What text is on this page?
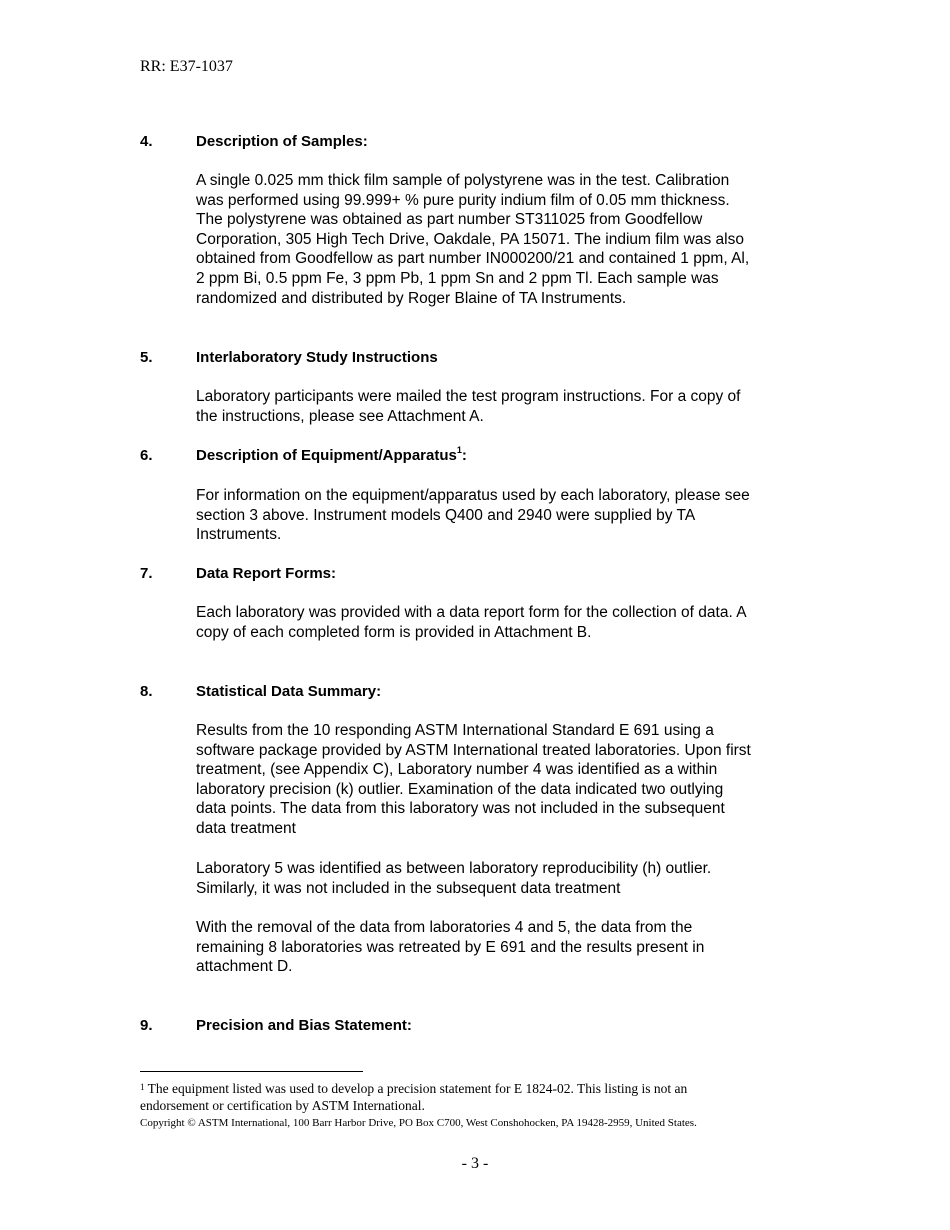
RR: E37-1037
4.	Description of Samples:
A single 0.025 mm thick film sample of polystyrene was in the test. Calibration
was performed using 99.999+ % pure purity indium film of 0.05 mm thickness.
The polystyrene was obtained as part number ST311025 from Goodfellow
Corporation, 305 High Tech Drive, Oakdale, PA 15071. The indium film was also
obtained from Goodfellow as part number IN000200/21 and contained 1 ppm, Al,
2 ppm Bi, 0.5 ppm Fe, 3 ppm Pb, 1 ppm Sn and 2 ppm Tl. Each sample was
randomized and distributed by Roger Blaine of TA Instruments.
5.	Interlaboratory Study Instructions
Laboratory participants were mailed the test program instructions. For a copy of
the instructions, please see Attachment A.
6.	Description of Equipment/Apparatus$^1$:
For information on the equipment/apparatus used by each laboratory, please see
section 3 above. Instrument models Q400 and 2940 were supplied by TA
Instruments.
7.	Data Report Forms:
Each laboratory was provided with a data report form for the collection of data. A
copy of each completed form is provided in Attachment B.
8.	Statistical Data Summary:
Results from the 10 responding ASTM International Standard E 691 using a
software package provided by ASTM International treated laboratories. Upon first
treatment, (see Appendix C), Laboratory number 4 was identified as a within
laboratory precision (k) outlier. Examination of the data indicated two outlying
data points. The data from this laboratory was not included in the subsequent
data treatment
Laboratory 5 was identified as between laboratory reproducibility (h) outlier.
Similarly, it was not included in the subsequent data treatment
With the removal of the data from laboratories 4 and 5, the data from the
remaining 8 laboratories was retreated by E 691 and the results present in
attachment D.
9.	Precision and Bias Statement:
$^1$ The equipment listed was used to develop a precision statement for E 1824-02. This listing is not an
endorsement or certification by ASTM International.
Copyright © ASTM International, 100 Barr Harbor Drive, PO Box C700, West Conshohocken, PA 19428-2959, United States.
- 3 -
